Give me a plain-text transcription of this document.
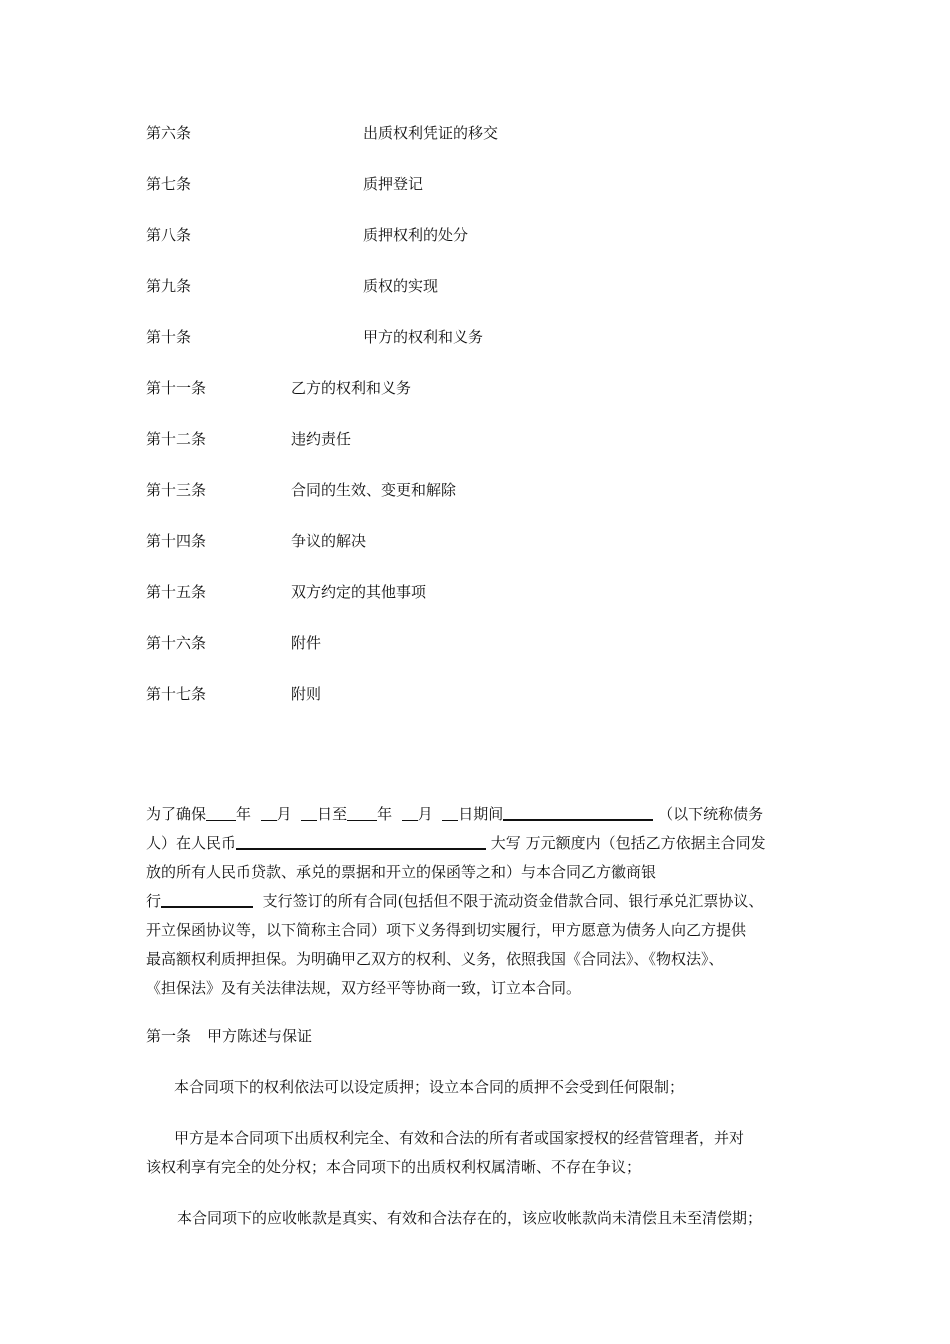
第六条	出质权利凭证的移交
第七条	质押登记
第八条	质押权利的处分
第九条	质权的实现
第十条	甲方的权利和义务
第十一条	乙方的权利和义务
第十二条	违约责任
第十三条	合同的生效、变更和解除
第十四条	争议的解决
第十五条	双方约定的其他事项
第十六条	附件
第十七条	附则
为了确保 年 月 日至 年 月 日期间	（以下统称债务
人）在人民币	大写 万元额度内（包括乙方依据主合同发
放的所有人民币贷款、承兑的票据和开立的保函等之和）与本合同乙方徽商银
行	支行签订的所有合同(包括但不限于流动资金借款合同、银行承兑汇票协议、
开立保函协议等，以下简称主合同）项下义务得到切实履行，甲方愿意为债务人向乙方提供
最高额权利质押担保。为明确甲乙双方的权利、义务，依照我国《合同法》、《物权法》、
《担保法》及有关法律法规，双方经平等协商一致，订立本合同。
第一条 甲方陈述与保证
本合同项下的权利依法可以设定质押；设立本合同的质押不会受到任何限制；
甲方是本合同项下出质权利完全、有效和合法的所有者或国家授权的经营管理者，并对
该权利享有完全的处分权；本合同项下的出质权利权属清晰、不存在争议；
本合同项下的应收帐款是真实、有效和合法存在的，该应收帐款尚未清偿且未至清偿期；
